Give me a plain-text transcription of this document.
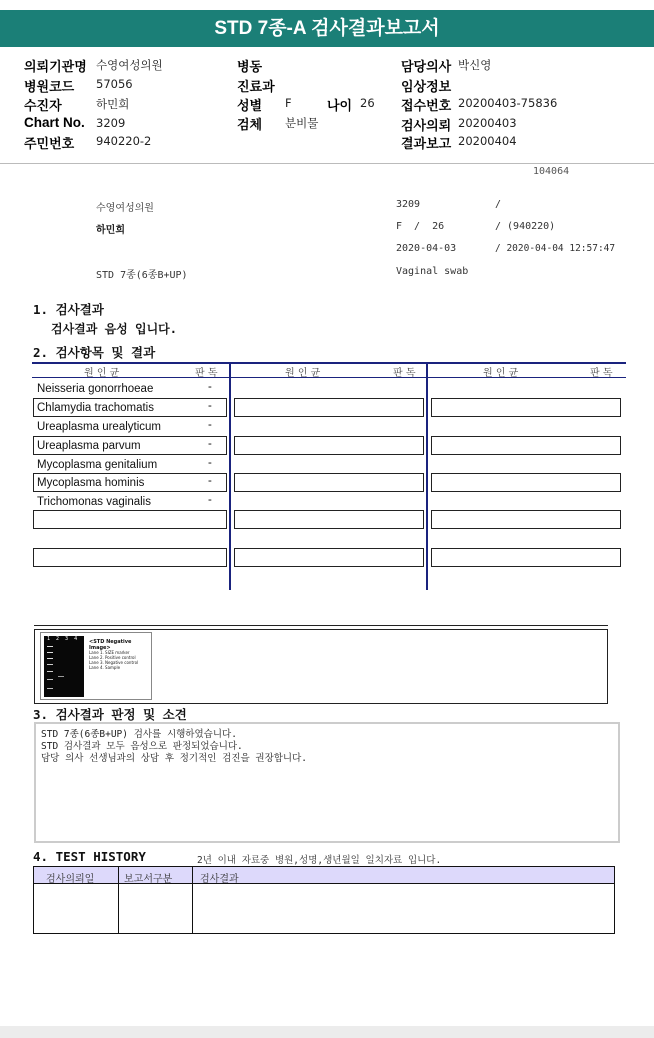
STD 7종-A 검사결과보고서
의뢰기관명 수영여성의원
병원코드 57056
수진자	하민희
Chart No. 3209
주민번호 940220-2
병동
진료과
성별 F	나이 26
검체 분비물
담당의사 박신영
임상정보
접수번호 20200403-75836
검사의뢰 20200403
결과보고 20200404
104064
수영여성의원	3209	/
하민희	F  /  26	/ (940220)
2020-04-03	/ 2020-04-04 12:57:47
STD 7종(6종B+UP)	Vaginal swab
1. 검사결과
검사결과 음성 입니다.
2. 검사항목 및 결과
원 인 균	판 독	원 인 균	판 독	원 인 균	판 독
Neisseria gonorrhoeae	-
Chlamydia trachomatis	-
Ureaplasma urealyticum	-
Ureaplasma parvum	-
Mycoplasma genitalium	-
Mycoplasma hominis	-
Trichomonas vaginalis	-
1  2  3  4 <STD Negative Image>
Lane 1. SIZE marker
Lane 2. Positive control
Lane 3. Negative control
Lane 4. Sample
3. 검사결과 판정 및 소견
STD 7종(6종B+UP) 검사를 시행하였습니다.
STD 검사결과 모두 음성으로 판정되었습니다.
담당 의사 선생님과의 상담 후 정기적인 검진을 권장합니다.
4. TEST HISTORY	2년 이내 자료중 병원,성명,생년월일 일치자료 입니다.
검사의뢰일	보고서구분	검사결과
